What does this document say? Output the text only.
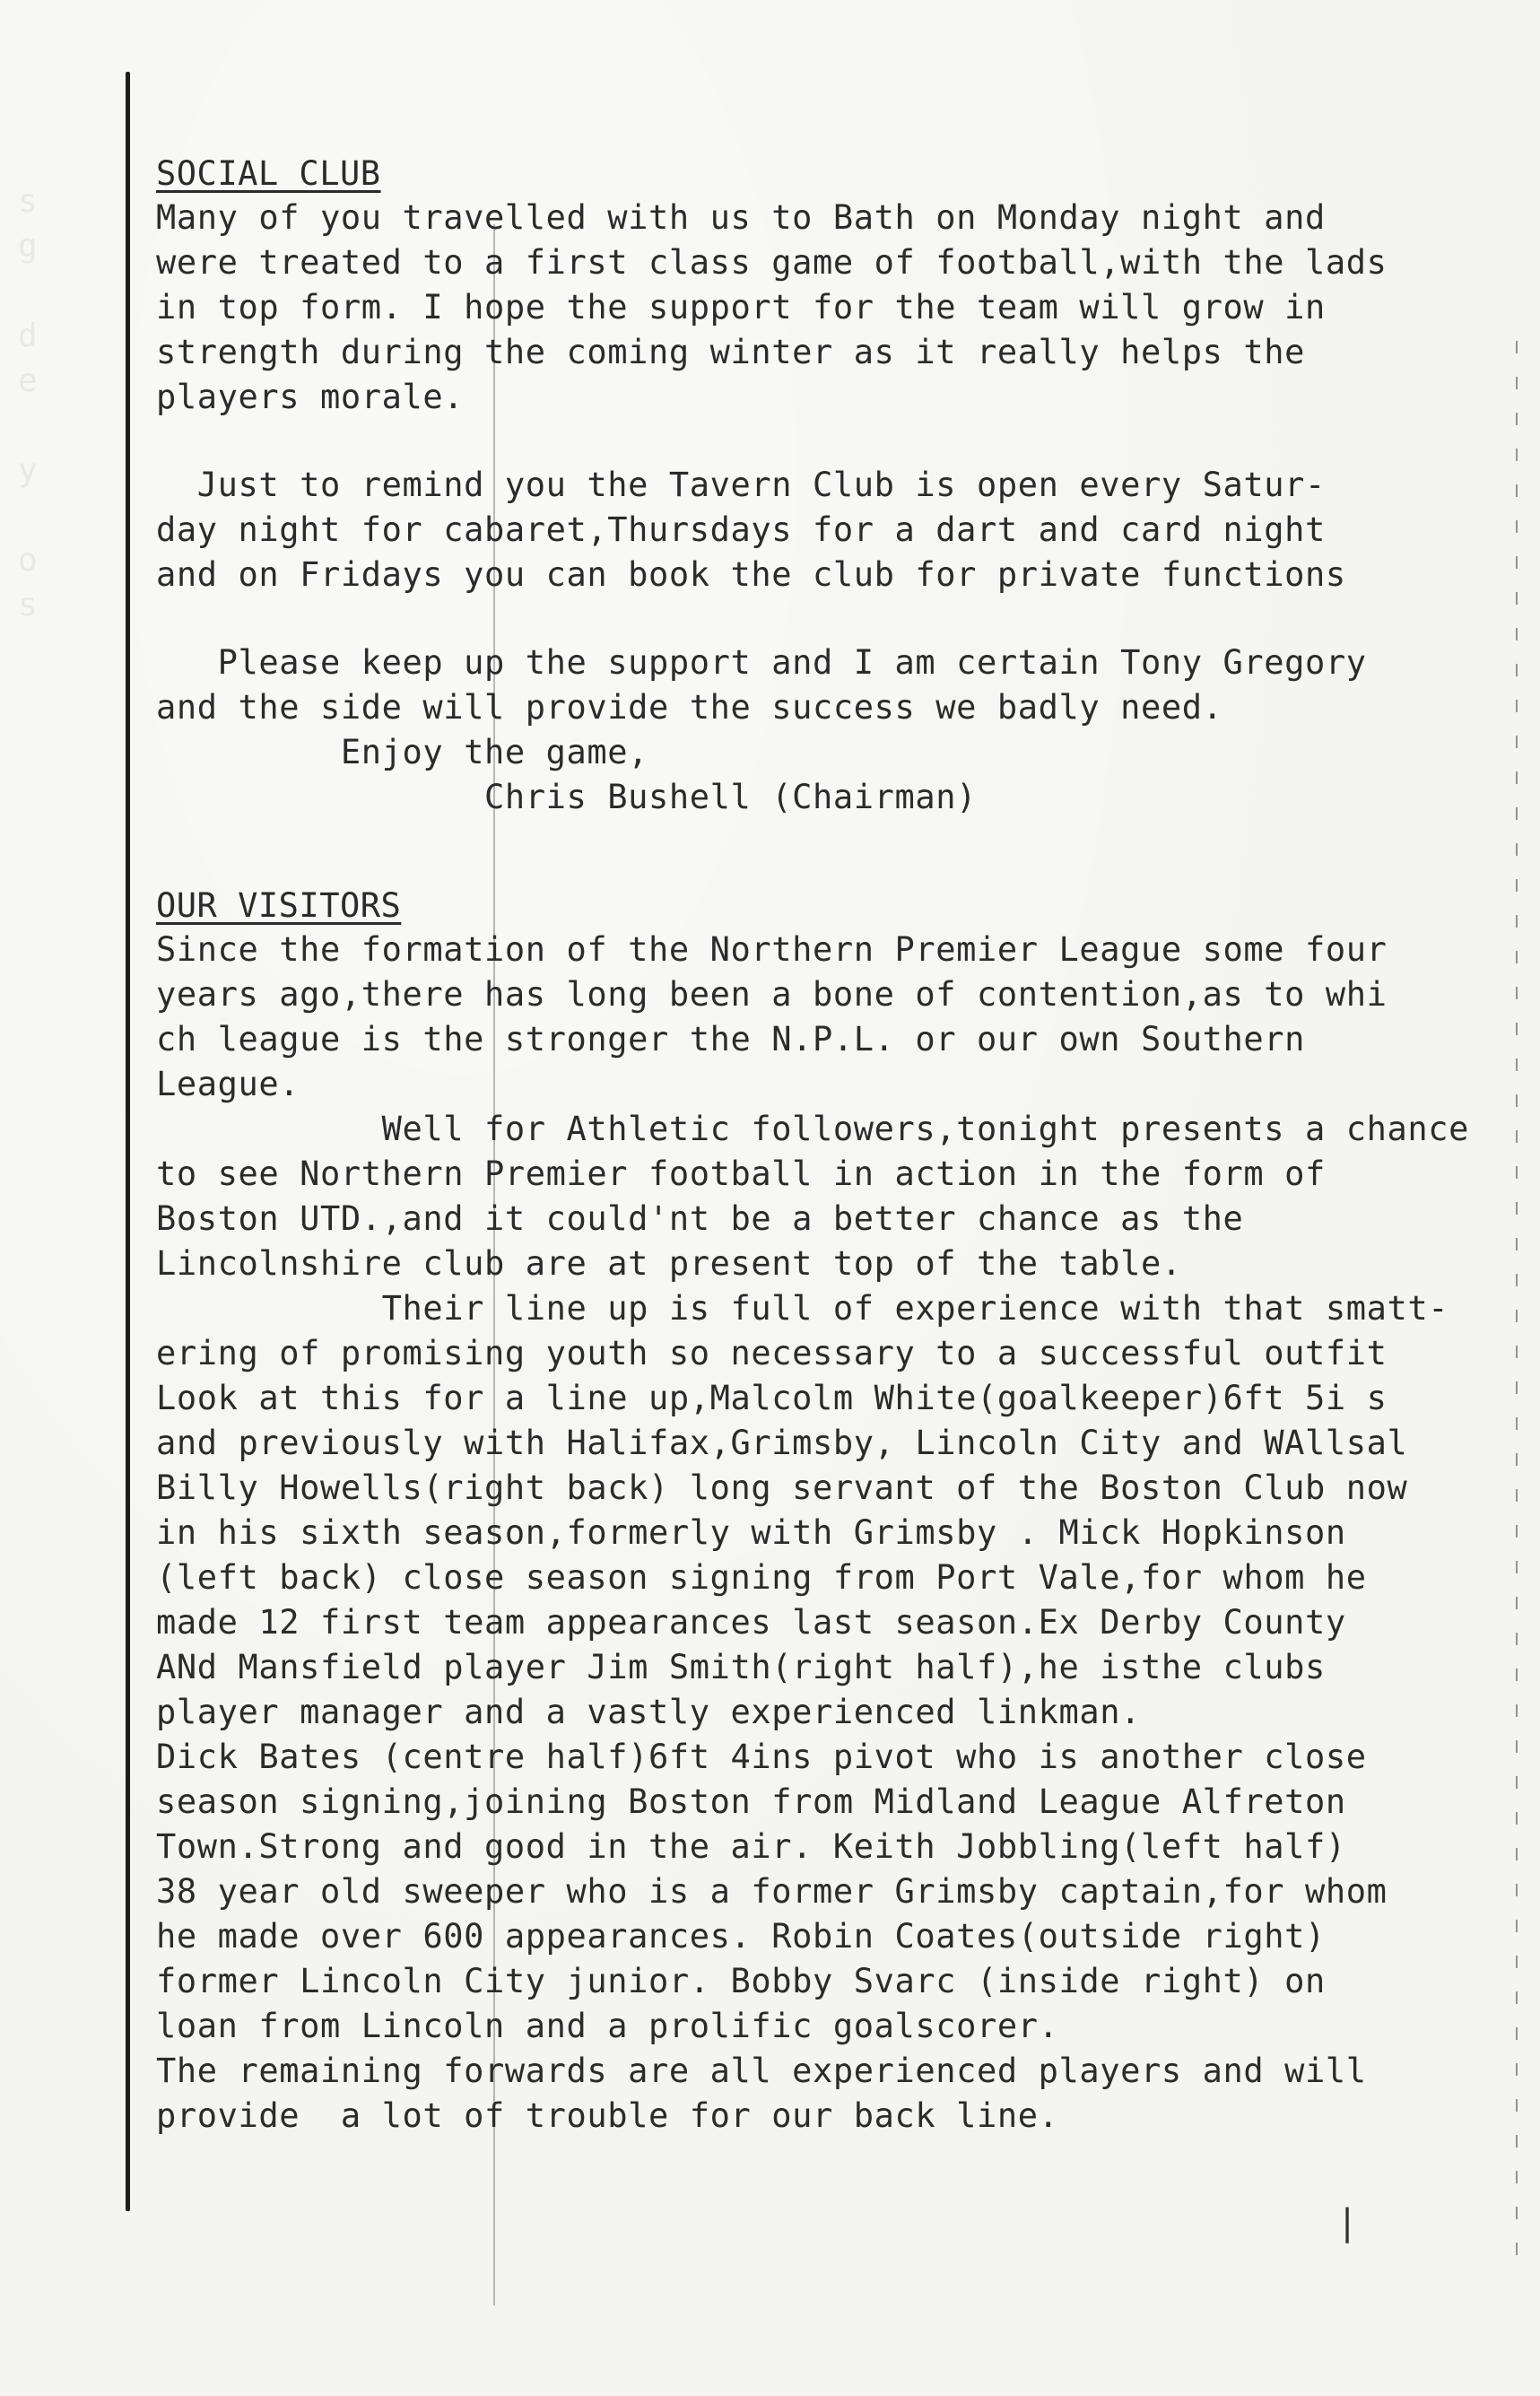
s
g

d
e

y

o
s
SOCIAL CLUB
Many of you travelled with us to Bath on Monday night and
were treated to a first class game of football,with the lads
in top form. I hope the support for the team will grow in
strength during the coming winter as it really helps the
players morale.
Just to remind you the Tavern Club is open every Satur-
day night for cabaret,Thursdays for a dart and card night
and on Fridays you can book the club for private functions
Please keep up the support and I am certain Tony Gregory
and the side will provide the success we badly need.
Enjoy the game,
Chris Bushell (Chairman)
OUR VISITORS
Since the formation of the Northern Premier League some four
years ago,there has long been a bone of contention,as to whi
ch league is the stronger the N.P.L. or our own Southern
League.
Well for Athletic followers,tonight presents a chance
to see Northern Premier football in action in the form of
Boston UTD.,and it could'nt be a better chance as the
Lincolnshire club are at present top of the table.
Their line up is full of experience with that smatt-
ering of promising youth so necessary to a successful outfit
Look at this for a line up,Malcolm White(goalkeeper)6ft 5i s
and previously with Halifax,Grimsby, Lincoln City and WAllsal
Billy Howells(right back) long servant of the Boston Club now
in his sixth season,formerly with Grimsby . Mick Hopkinson
(left back) close season signing from Port Vale,for whom he
made 12 first team appearances last season.Ex Derby County
ANd Mansfield player Jim Smith(right half),he isthe clubs
player manager and a vastly experienced linkman.
Dick Bates (centre half)6ft 4ins pivot who is another close
season signing,joining Boston from Midland League Alfreton
Town.Strong and good in the air. Keith Jobbling(left half)
38 year old sweeper who is a former Grimsby captain,for whom
he made over 600 appearances. Robin Coates(outside right)
former Lincoln City junior. Bobby Svarc (inside right) on
loan from Lincoln and a prolific goalscorer.
The remaining forwards are all experienced players and will
provide  a lot of trouble for our back line.
|
